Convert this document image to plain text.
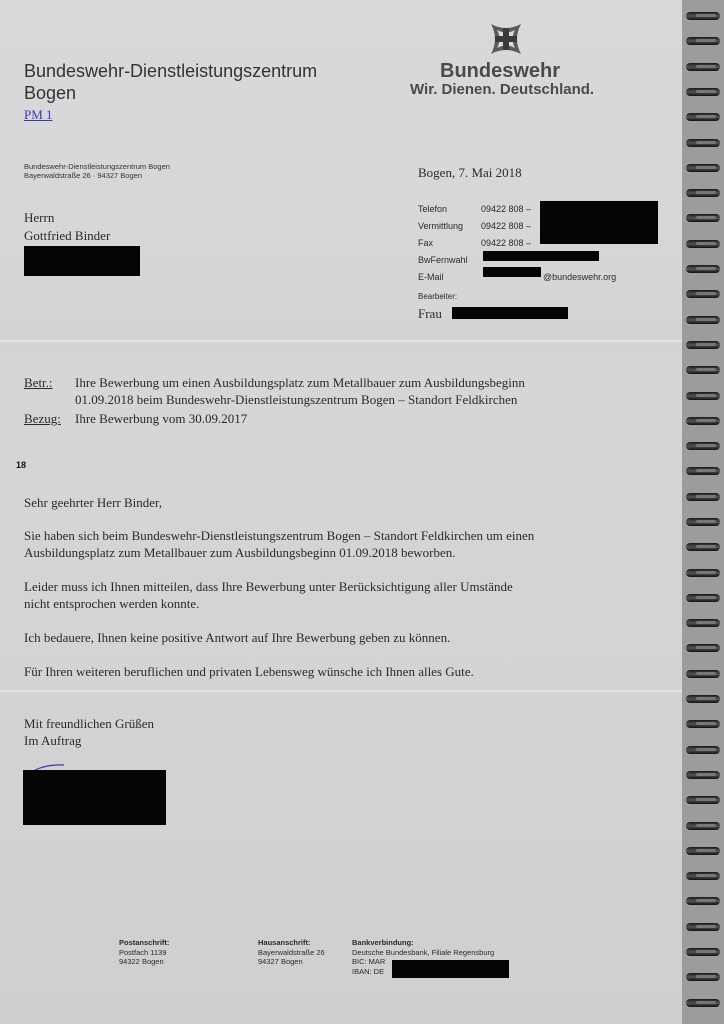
Bundeswehr-Dienstleistungszentrum
Bogen
PM 1
Bundeswehr
Wir. Dienen. Deutschland.
Bundeswehr-Dienstleistungszentrum Bogen
Bayerwaldstraße 26 · 94327 Bogen
Herrn
Gottfried Binder
Bogen, 7. Mai 2018
Telefon	09422 808 –
Vermittlung	09422 808 –
Fax	09422 808 –
BwFernwahl
E-Mail	@bundeswehr.org
Bearbeiter:
Frau
Betr.: Ihre Bewerbung um einen Ausbildungsplatz zum Metallbauer zum Ausbildungsbeginn
01.09.2018 beim Bundeswehr-Dienstleistungszentrum Bogen – Standort Feldkirchen
Bezug: Ihre Bewerbung vom 30.09.2017
18
Sehr geehrter Herr Binder,
Sie haben sich beim Bundeswehr-Dienstleistungszentrum Bogen – Standort Feldkirchen um einen
Ausbildungsplatz zum Metallbauer zum Ausbildungsbeginn 01.09.2018 beworben.
Leider muss ich Ihnen mitteilen, dass Ihre Bewerbung unter Berücksichtigung aller Umstände
nicht entsprochen werden konnte.
Ich bedauere, Ihnen keine positive Antwort auf Ihre Bewerbung geben zu können.
Für Ihren weiteren beruflichen und privaten Lebensweg wünsche ich Ihnen alles Gute.
Mit freundlichen Grüßen
Im Auftrag
Postanschrift:
Postfach 1139
94322 Bogen
Hausanschrift:
Bayerwaldstraße 26
94327 Bogen
Bankverbindung:
Deutsche Bundesbank, Filiale Regensburg
BIC: MAR
IBAN: DE
